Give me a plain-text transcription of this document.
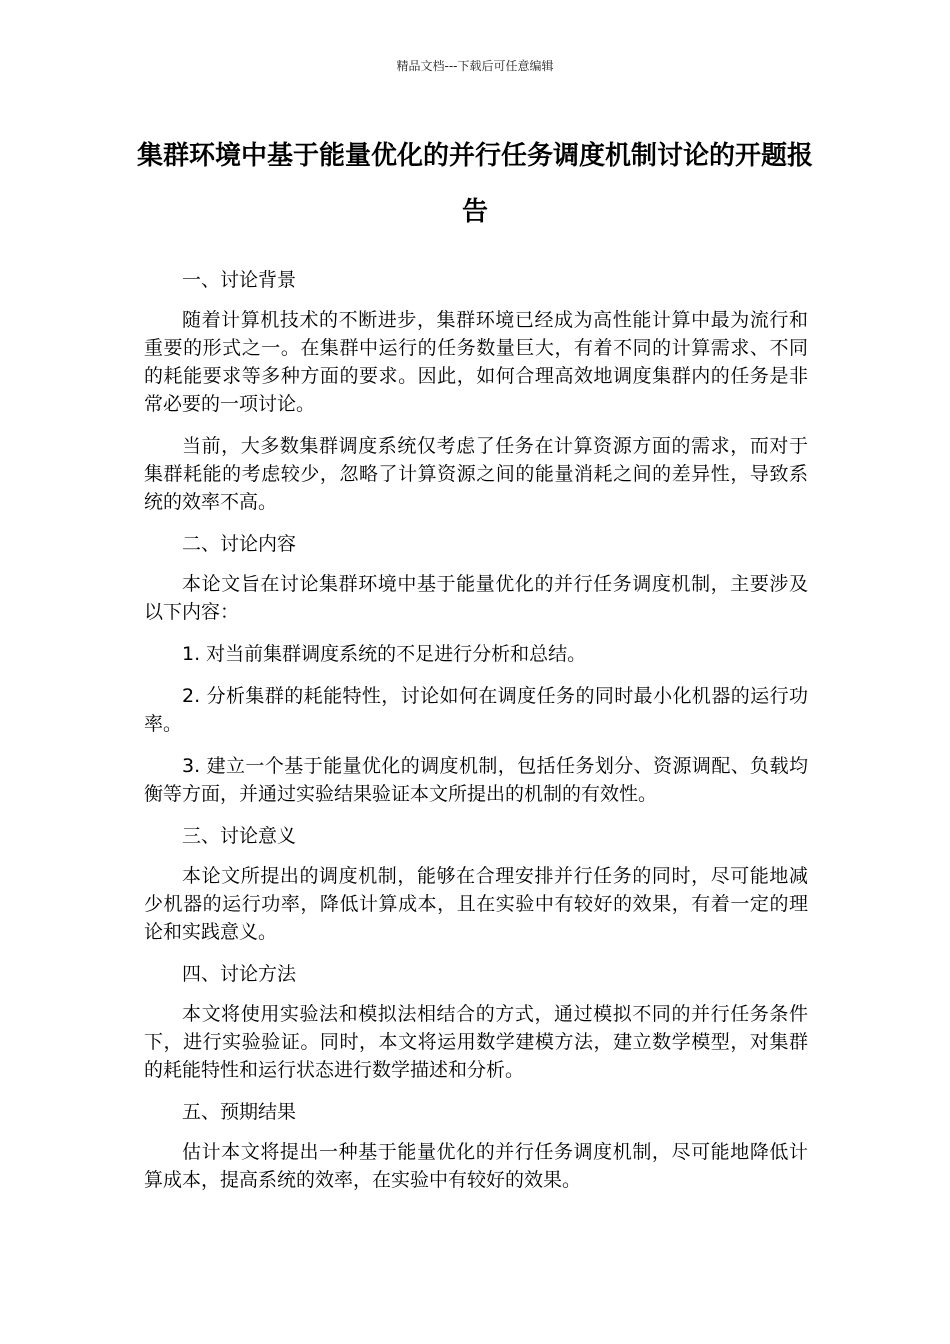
精品文档---下载后可任意编辑
集群环境中基于能量优化的并行任务调度机制讨论的开题报告

一、讨论背景

随着计算机技术的不断进步，集群环境已经成为高性能计算中最为流行和重要的形式之一。在集群中运行的任务数量巨大，有着不同的计算需求、不同的耗能要求等多种方面的要求。因此，如何合理高效地调度集群内的任务是非常必要的一项讨论。

当前，大多数集群调度系统仅考虑了任务在计算资源方面的需求，而对于集群耗能的考虑较少，忽略了计算资源之间的能量消耗之间的差异性，导致系统的效率不高。

二、讨论内容

本论文旨在讨论集群环境中基于能量优化的并行任务调度机制，主要涉及以下内容：

1. 对当前集群调度系统的不足进行分析和总结。

2. 分析集群的耗能特性，讨论如何在调度任务的同时最小化机器的运行功率。

3. 建立一个基于能量优化的调度机制，包括任务划分、资源调配、负载均衡等方面，并通过实验结果验证本文所提出的机制的有效性。

三、讨论意义

本论文所提出的调度机制，能够在合理安排并行任务的同时，尽可能地减少机器的运行功率，降低计算成本，且在实验中有较好的效果，有着一定的理论和实践意义。

四、讨论方法

本文将使用实验法和模拟法相结合的方式，通过模拟不同的并行任务条件下，进行实验验证。同时，本文将运用数学建模方法，建立数学模型，对集群的耗能特性和运行状态进行数学描述和分析。

五、预期结果

估计本文将提出一种基于能量优化的并行任务调度机制，尽可能地降低计算成本，提高系统的效率，在实验中有较好的效果。
